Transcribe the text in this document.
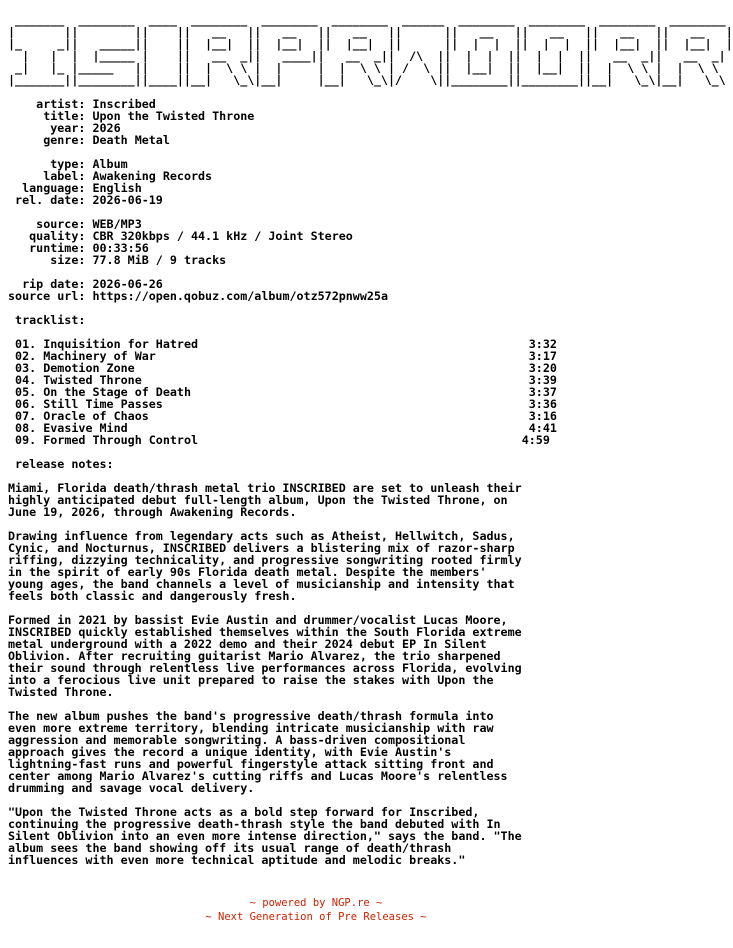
_______  ________  ____  ________  ________  ________  ______  ________  ________  ________  ________
|       ||        ||    ||   __   ||   __   ||   __   ||      ||   __   ||   __   ||   __   ||   __   |
|_     _||   _____||    ||  |__|  ||  |__|  ||  |__|  ||      ||  |  |  ||  |  |  ||  |__|  ||  |__|  |
|   |  |  |_____ |    ||   __  _||   ____||   __  _||  /\  ||  |  |  ||  |  |  ||   __  _||   __  _|
_|   |_ |_____   ||    ||  |  \ \ |  |     |  |  \ \ | /  \ ||  |__|  ||  |__|  ||  |  \ \ |  |  \ \
|_______||________||____||__|   \_\|__|     |__|   \_\|/    \||________||________||__|   \_\|__|   \_\

artist: Inscribed
title: Upon the Twisted Throne
year: 2026
genre: Death Metal

type: Album
label: Awakening Records
language: English
rel. date: 2026-06-19

source: WEB/MP3
quality: CBR 320kbps / 44.1 kHz / Joint Stereo
runtime: 00:33:56
size: 77.8 MiB / 9 tracks

rip date: 2026-06-26
source url: https://open.qobuz.com/album/otz572pnww25a

tracklist:

01. Inquisition for Hatred	3:32
02. Machinery of War	3:17
03. Demotion Zone	3:20
04. Twisted Throne	3:39
05. On the Stage of Death	3:37
06. Still Time Passes	3:36
07. Oracle of Chaos	3:16
08. Evasive Mind	4:41
09. Formed Through Control	4:59

release notes:

Miami, Florida death/thrash metal trio INSCRIBED are set to unleash their
highly anticipated debut full-length album, Upon the Twisted Throne, on
June 19, 2026, through Awakening Records.

Drawing influence from legendary acts such as Atheist, Hellwitch, Sadus,
Cynic, and Nocturnus, INSCRIBED delivers a blistering mix of razor-sharp
riffing, dizzying technicality, and progressive songwriting rooted firmly
in the spirit of early 90s Florida death metal. Despite the members'
young ages, the band channels a level of musicianship and intensity that
feels both classic and dangerously fresh.

Formed in 2021 by bassist Evie Austin and drummer/vocalist Lucas Moore,
INSCRIBED quickly established themselves within the South Florida extreme
metal underground with a 2022 demo and their 2024 debut EP In Silent
Oblivion. After recruiting guitarist Mario Alvarez, the trio sharpened
their sound through relentless live performances across Florida, evolving
into a ferocious live unit prepared to raise the stakes with Upon the
Twisted Throne.

The new album pushes the band's progressive death/thrash formula into
even more extreme territory, blending intricate musicianship with raw
aggression and memorable songwriting. A bass-driven compositional
approach gives the record a unique identity, with Evie Austin's
lightning-fast runs and powerful fingerstyle attack sitting front and
center among Mario Alvarez's cutting riffs and Lucas Moore's relentless
drumming and savage vocal delivery.

"Upon the Twisted Throne acts as a bold step forward for Inscribed,
continuing the progressive death-thrash style the band debuted with In
Silent Oblivion into an even more intense direction," says the band. "The
album sees the band showing off its usual range of death/thrash
influences with even more technical aptitude and melodic breaks."
~ powered by NGP.re ~
~ Next Generation of Pre Releases ~
